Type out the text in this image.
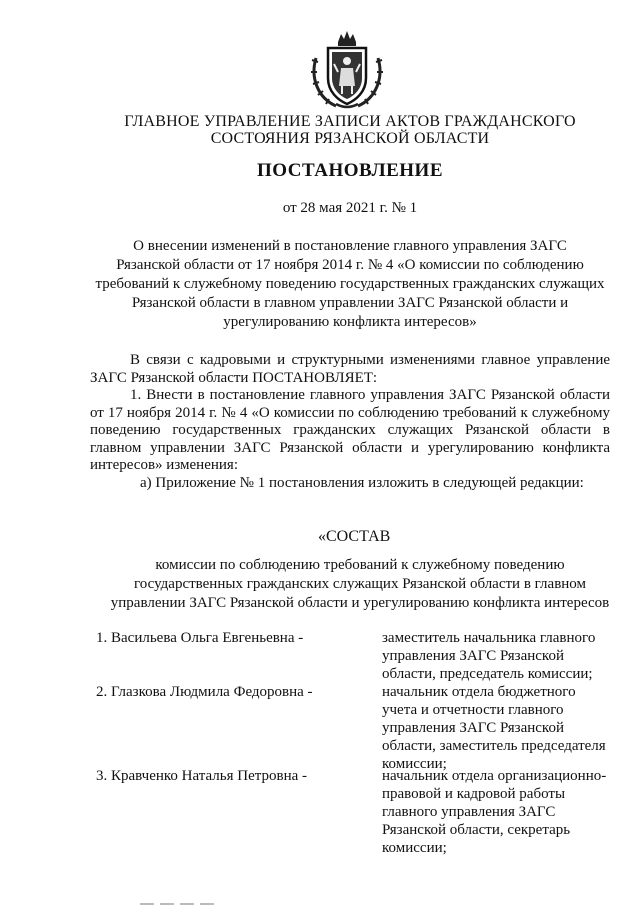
ГЛАВНОЕ УПРАВЛЕНИЕ ЗАПИСИ АКТОВ ГРАЖДАНСКОГО
СОСТОЯНИЯ РЯЗАНСКОЙ ОБЛАСТИ
ПОСТАНОВЛЕНИЕ
от 28 мая 2021 г. № 1
О внесении изменений в постановление главного управления ЗАГС
Рязанской области от 17 ноября 2014 г. № 4 «О комиссии по соблюдению
требований к служебному поведению государственных гражданских служащих
Рязанской области в главном управлении ЗАГС Рязанской области и
урегулированию конфликта интересов»

В связи с кадровыми и структурными изменениями главное управление ЗАГС Рязанской области ПОСТАНОВЛЯЕТ:

1. Внести в постановление главного управления ЗАГС Рязанской области от 17 ноября 2014 г. № 4 «О комиссии по соблюдению требований к служебному поведению государственных гражданских служащих Рязанской области в главном управлении ЗАГС Рязанской области и урегулированию конфликта интересов» изменения:

а) Приложение № 1 постановления изложить в следующей редакции:

«СОСТАВ
комиссии по соблюдению требований к служебному поведению
государственных гражданских служащих Рязанской области в главном
управлении ЗАГС Рязанской области и урегулированию конфликта интересов
1. Васильева Ольга Евгеньевна -	заместитель начальника главного
управления ЗАГС Рязанской
области, председатель комиссии;
2. Глазкова Людмила Федоровна -	начальник отдела бюджетного
учета и отчетности главного
управления ЗАГС Рязанской
области, заместитель председателя
комиссии;
3. Кравченко Наталья Петровна -	начальник отдела организационно-
правовой и кадровой работы
главного управления ЗАГС
Рязанской области, секретарь
комиссии;
